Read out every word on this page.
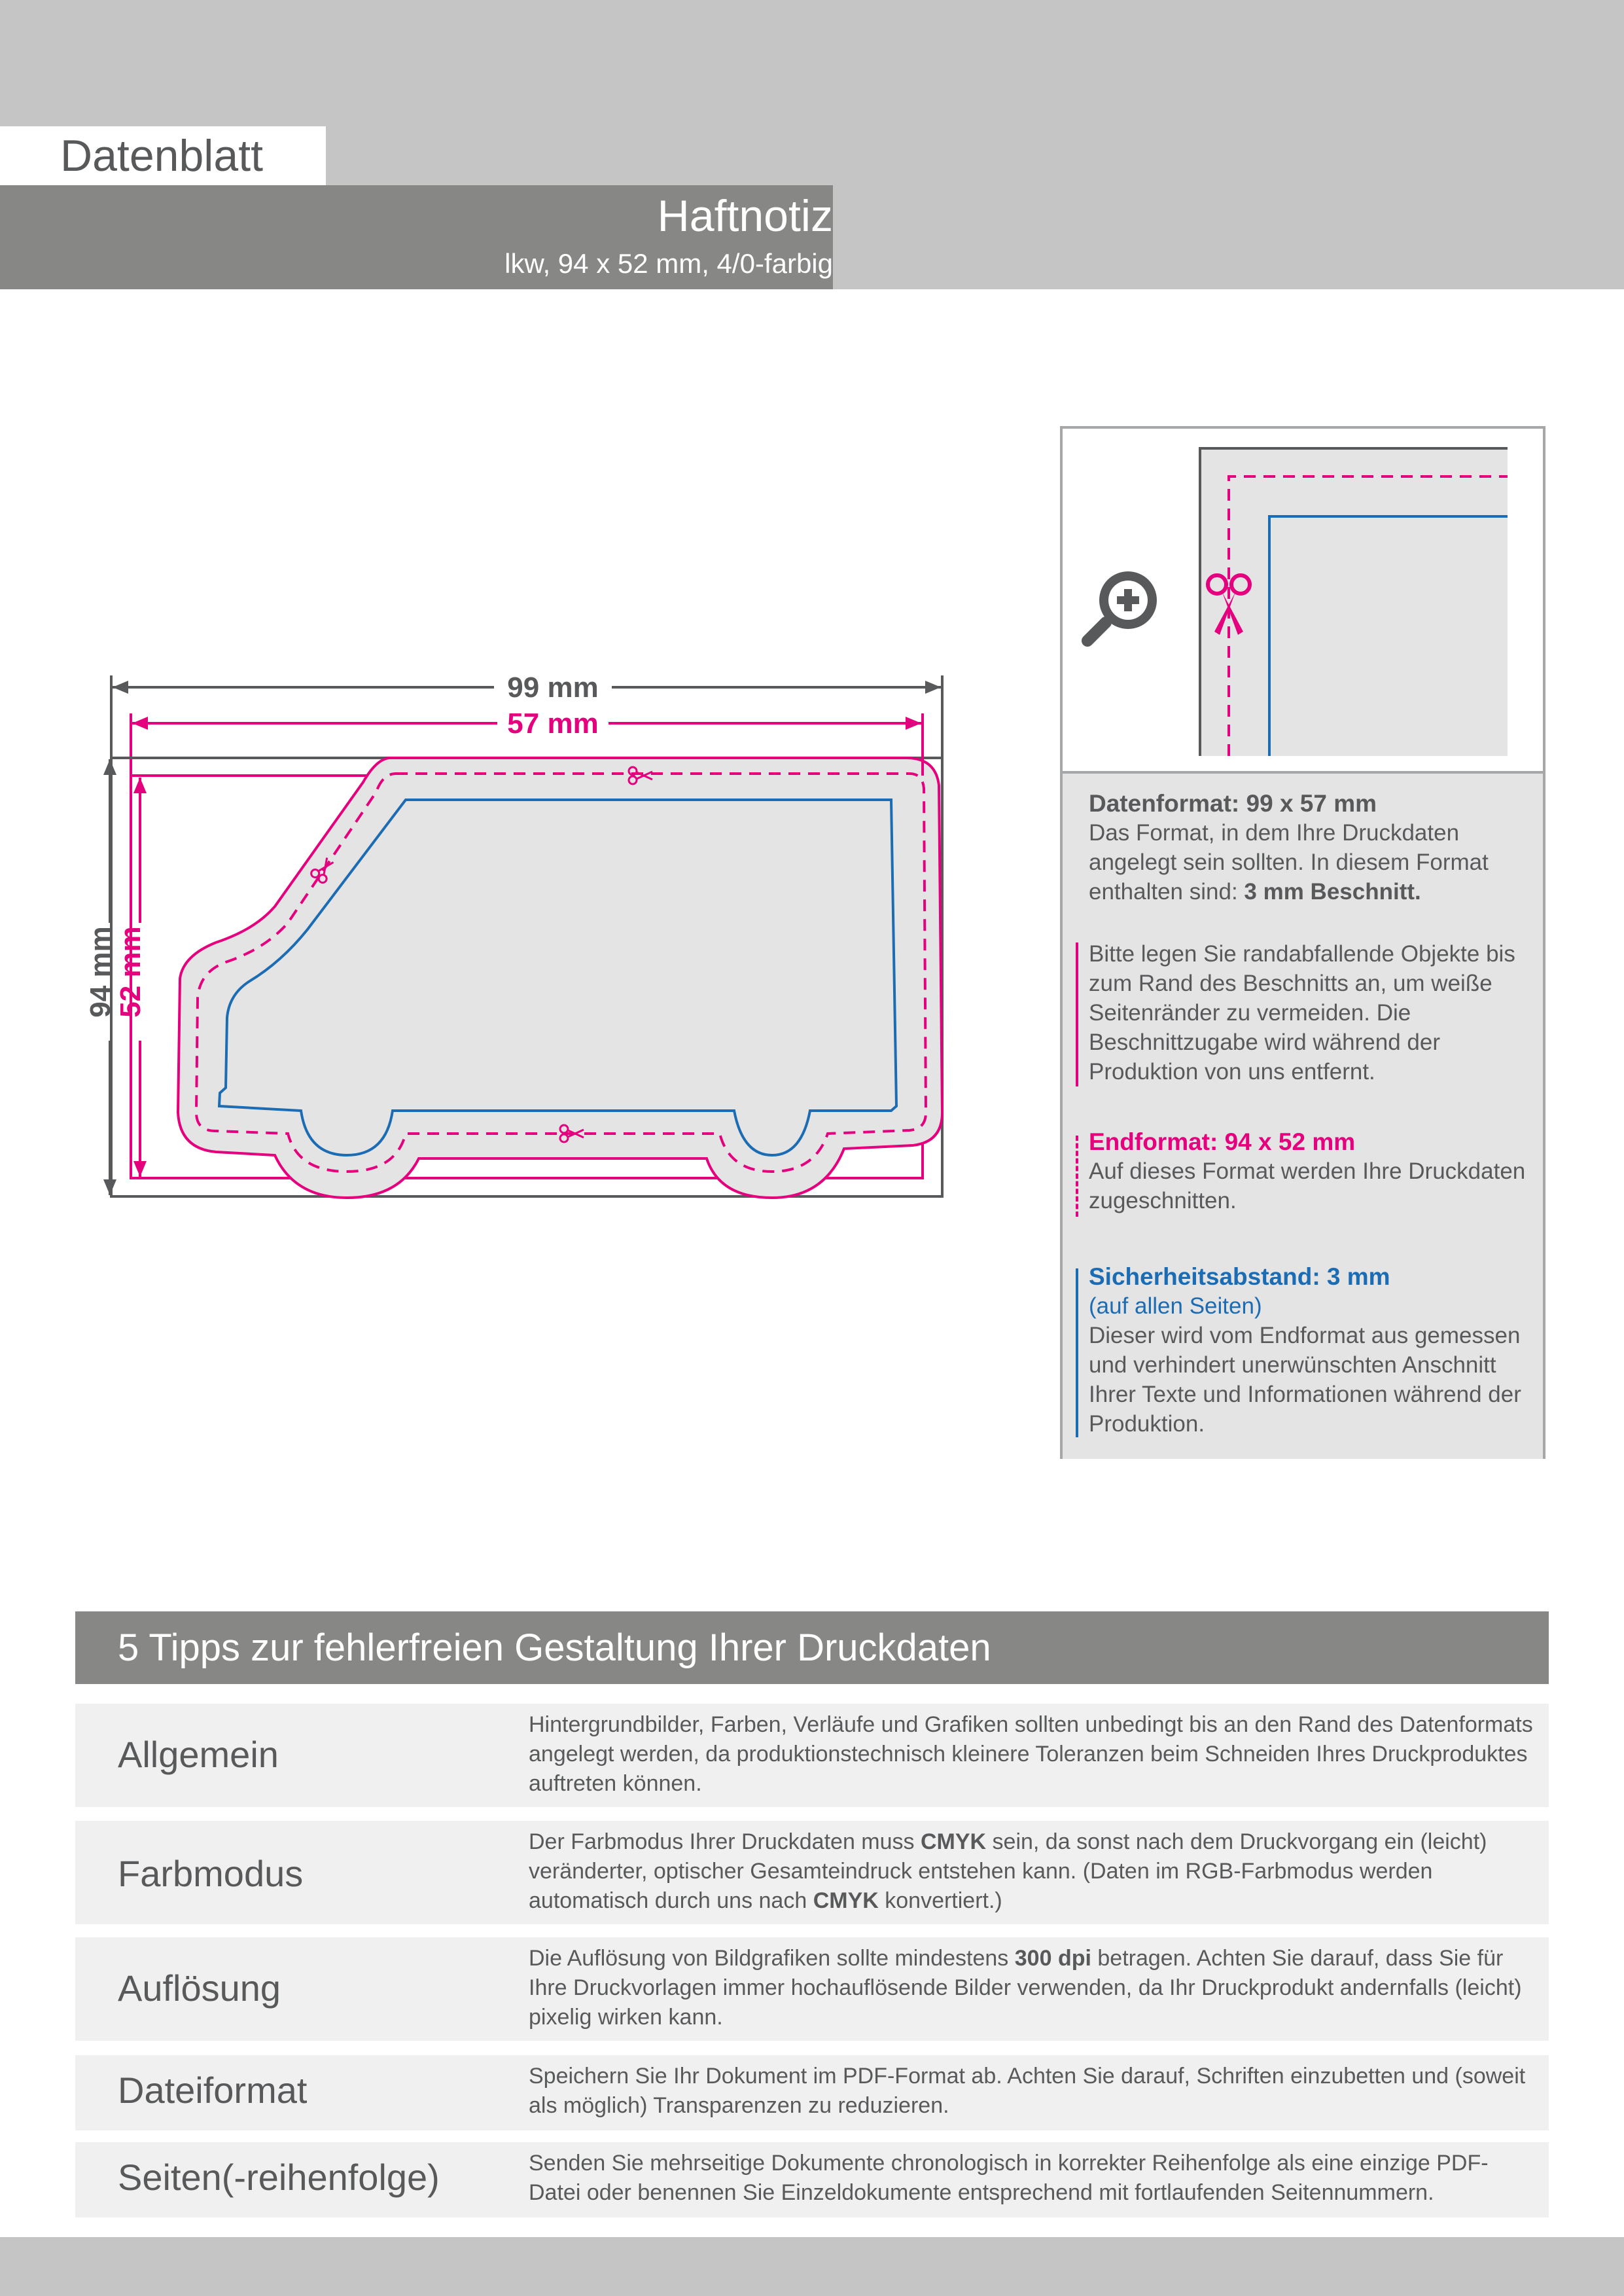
Datenblatt
Haftnotiz
lkw, 94 x 52 mm, 4/0-farbig
99 mm
57 mm
94 mm
52 mm
Datenformat: 99 x 57 mm
Das Format, in dem Ihre Druckdaten angelegt sein sollten. In diesem Format enthalten sind: 3 mm Beschnitt.
Bitte legen Sie randabfallende Objekte bis zum Rand des Beschnitts an, um weiße Seitenränder zu vermeiden. Die Beschnittzugabe wird während der Produktion von uns entfernt.
Endformat: 94 x 52 mm
Auf dieses Format werden Ihre Druckdaten zugeschnitten.
Sicherheitsabstand: 3 mm
(auf allen Seiten)
Dieser wird vom Endformat aus gemessen und verhindert unerwünschten Anschnitt Ihrer Texte und Informationen während der Produktion.
5 Tipps zur fehlerfreien Gestaltung Ihrer Druckdaten
Allgemein
Hintergrundbilder, Farben, Verläufe und Grafiken sollten unbedingt bis an den Rand des Datenformats angelegt werden, da produktionstechnisch kleinere Toleranzen beim Schneiden Ihres Druckproduktes auftreten können.
Farbmodus
Der Farbmodus Ihrer Druckdaten muss CMYK sein, da sonst nach dem Druckvorgang ein (leicht) veränderter, optischer Gesamteindruck entstehen kann. (Daten im RGB-Farbmodus werden automatisch durch uns nach CMYK konvertiert.)
Auflösung
Die Auflösung von Bildgrafiken sollte mindestens 300 dpi betragen. Achten Sie darauf, dass Sie für Ihre Druckvorlagen immer hochauflösende Bilder verwenden, da Ihr Druckprodukt andernfalls (leicht) pixelig wirken kann.
Dateiformat	Speichern Sie Ihr Dokument im PDF-Format ab. Achten Sie darauf, Schriften einzubetten und (soweit als möglich) Transparenzen zu reduzieren.
Seiten(-reihenfolge)	Senden Sie mehrseitige Dokumente chronologisch in korrekter Reihenfolge als eine einzige PDF-Datei oder benennen Sie Einzeldokumente entsprechend mit fortlaufenden Seitennummern.
